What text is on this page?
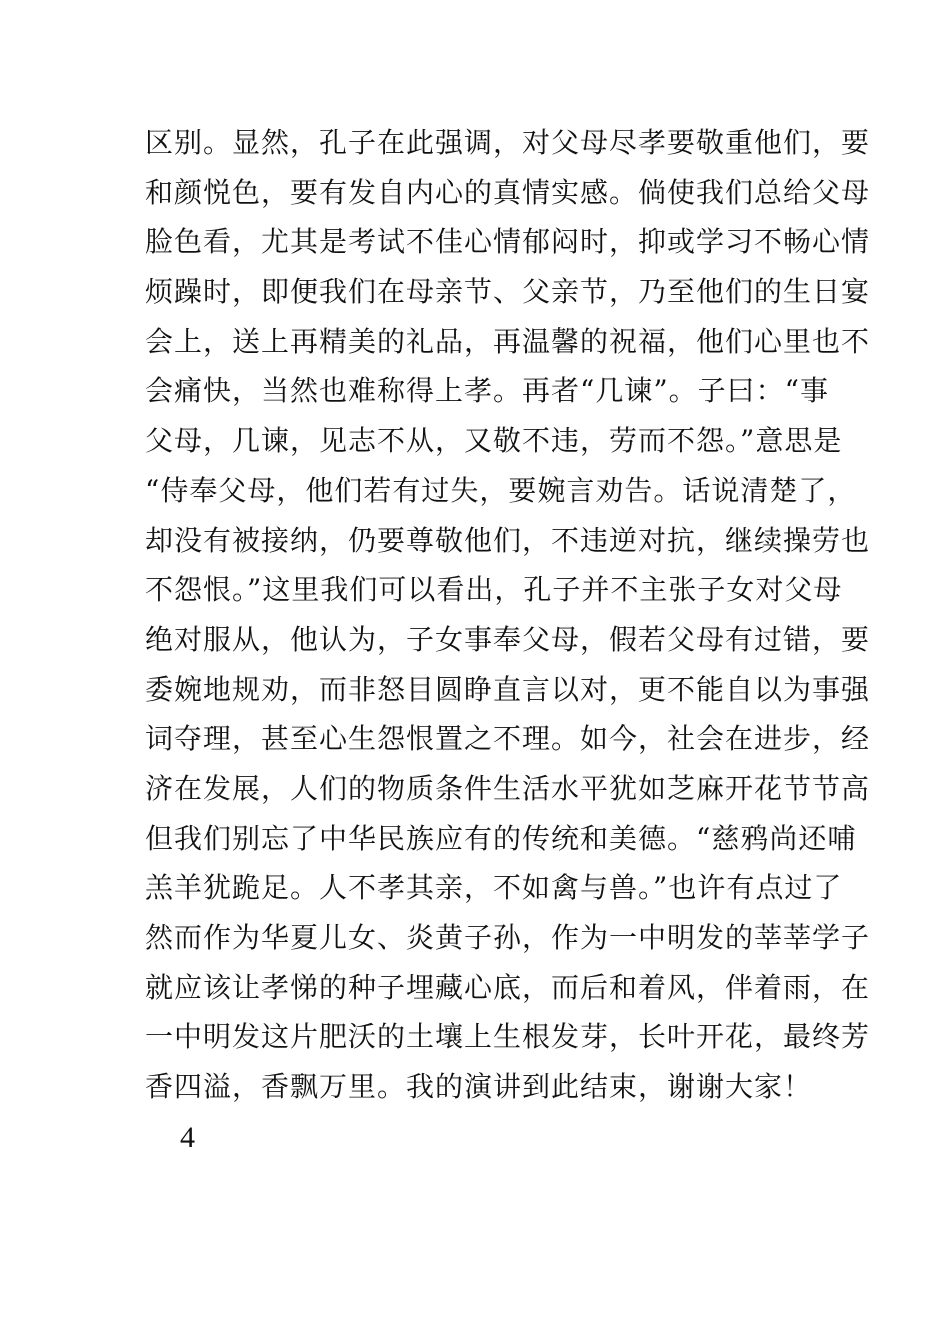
区别。显然，孔子在此强调，对父母尽孝要敬重他们，要
和颜悦色，要有发自内心的真情实感。倘使我们总给父母
脸色看，尤其是考试不佳心情郁闷时，抑或学习不畅心情
烦躁时，即便我们在母亲节、父亲节，乃至他们的生日宴
会上，送上再精美的礼品，再温馨的祝福，他们心里也不
会痛快，当然也难称得上孝。再者“几谏”。子曰：“事
父母，几谏，见志不从，又敬不违，劳而不怨。”意思是
“侍奉父母，他们若有过失，要婉言劝告。话说清楚了，
却没有被接纳，仍要尊敬他们，不违逆对抗，继续操劳也
不怨恨。”这里我们可以看出，孔子并不主张子女对父母
绝对服从，他认为，子女事奉父母，假若父母有过错，要
委婉地规劝，而非怒目圆睁直言以对，更不能自以为事强
词夺理，甚至心生怨恨置之不理。如今，社会在进步，经
济在发展，人们的物质条件生活水平犹如芝麻开花节节高
但我们别忘了中华民族应有的传统和美德。“慈鸦尚还哺
羔羊犹跪足。人不孝其亲，不如禽与兽。”也许有点过了
然而作为华夏儿女、炎黄子孙，作为一中明发的莘莘学子
就应该让孝悌的种子埋藏心底，而后和着风，伴着雨，在
一中明发这片肥沃的土壤上生根发芽，长叶开花，最终芳
香四溢，香飘万里。我的演讲到此结束，谢谢大家！
4
